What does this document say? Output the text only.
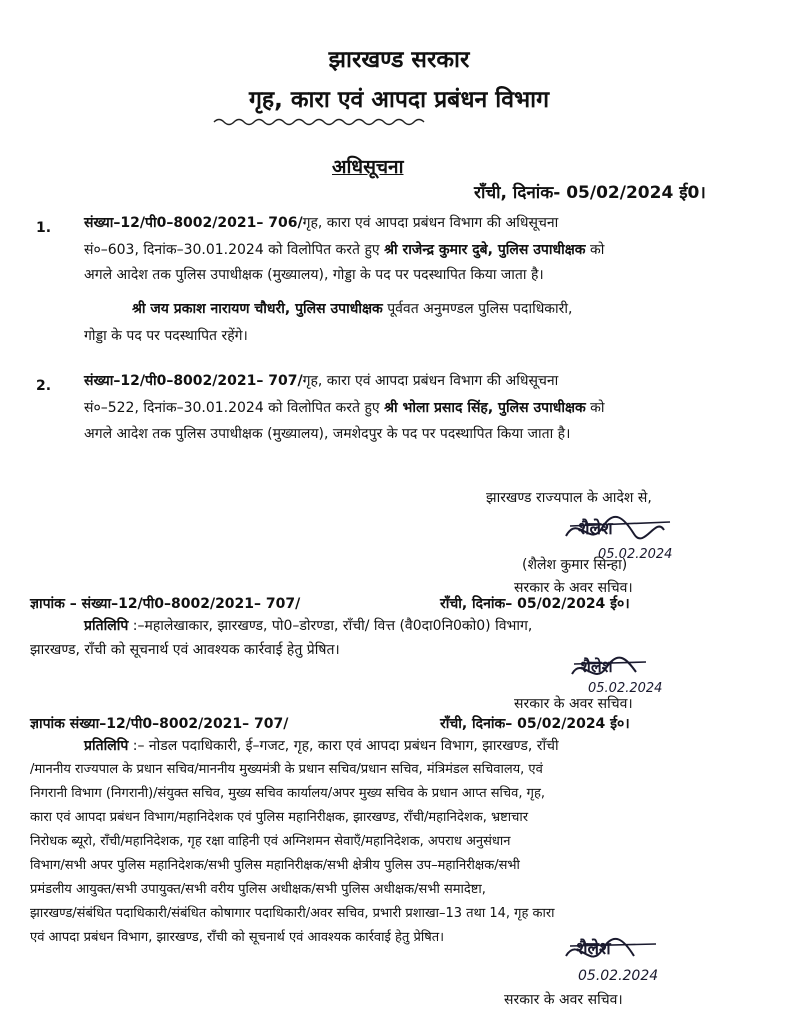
झारखण्ड सरकार
गृह, कारा एवं आपदा प्रबंधन विभाग
अधिसूचना
राँची, दिनांक- 05/02/2024 ई0।
1. संख्या–12/पी0–8002/2021– 706/गृह, कारा एवं आपदा प्रबंधन विभाग की अधिसूचना
सं०–603, दिनांक–30.01.2024 को विलोपित करते हुए श्री राजेन्द्र कुमार दुबे, पुलिस उपाधीक्षक को
अगले आदेश तक पुलिस उपाधीक्षक (मुख्यालय), गोड्डा के पद पर पदस्थापित किया जाता है।
श्री जय प्रकाश नारायण चौधरी, पुलिस उपाधीक्षक पूर्ववत अनुमण्डल पुलिस पदाधिकारी,
गोड्डा के पद पर पदस्थापित रहेंगे।
2. संख्या–12/पी0–8002/2021– 707/गृह, कारा एवं आपदा प्रबंधन विभाग की अधिसूचना
सं०–522, दिनांक–30.01.2024 को विलोपित करते हुए श्री भोला प्रसाद सिंह, पुलिस उपाधीक्षक को
अगले आदेश तक पुलिस उपाधीक्षक (मुख्यालय), जमशेदपुर के पद पर पदस्थापित किया जाता है।
झारखण्ड राज्यपाल के आदेश से,
शैलेश
05.02.2024
(शैलेश कुमार सिन्हा)
सरकार के अवर सचिव।
ज्ञापांक – संख्या–12/पी0–8002/2021– 707/	राँची, दिनांक– 05/02/2024 ई०।
प्रतिलिपि :–महालेखाकार, झारखण्ड, पो0–डोरण्डा, राँची/ वित्त (वै0दा0नि0को0) विभाग,
झारखण्ड, राँची को सूचनार्थ एवं आवश्यक कार्रवाई हेतु प्रेषित।
शैलेश
05.02.2024
सरकार के अवर सचिव।
ज्ञापांक संख्या–12/पी0–8002/2021– 707/	राँची, दिनांक– 05/02/2024 ई०।
प्रतिलिपि :– नोडल पदाधिकारी, ई–गजट, गृह, कारा एवं आपदा प्रबंधन विभाग, झारखण्ड, राँची
/माननीय राज्यपाल के प्रधान सचिव/माननीय मुख्यमंत्री के प्रधान सचिव/प्रधान सचिव, मंत्रिमंडल सचिवालय, एवं
निगरानी विभाग (निगरानी)/संयुक्त सचिव, मुख्य सचिव कार्यालय/अपर मुख्य सचिव के प्रधान आप्त सचिव, गृह,
कारा एवं आपदा प्रबंधन विभाग/महानिदेशक एवं पुलिस महानिरीक्षक, झारखण्ड, राँची/महानिदेशक, भ्रष्टाचार
निरोधक ब्यूरो, राँची/महानिदेशक, गृह रक्षा वाहिनी एवं अग्निशमन सेवाएँ/महानिदेशक, अपराध अनुसंधान
विभाग/सभी अपर पुलिस महानिदेशक/सभी पुलिस महानिरीक्षक/सभी क्षेत्रीय पुलिस उप–महानिरीक्षक/सभी
प्रमंडलीय आयुक्त/सभी उपायुक्त/सभी वरीय पुलिस अधीक्षक/सभी पुलिस अधीक्षक/सभी समादेष्टा,
झारखण्ड/संबंधित पदाधिकारी/संबंधित कोषागार पदाधिकारी/अवर सचिव, प्रभारी प्रशाखा–13 तथा 14, गृह कारा
एवं आपदा प्रबंधन विभाग, झारखण्ड, राँची को सूचनार्थ एवं आवश्यक कार्रवाई हेतु प्रेषित।
शैलेश
05.02.2024
सरकार के अवर सचिव।
